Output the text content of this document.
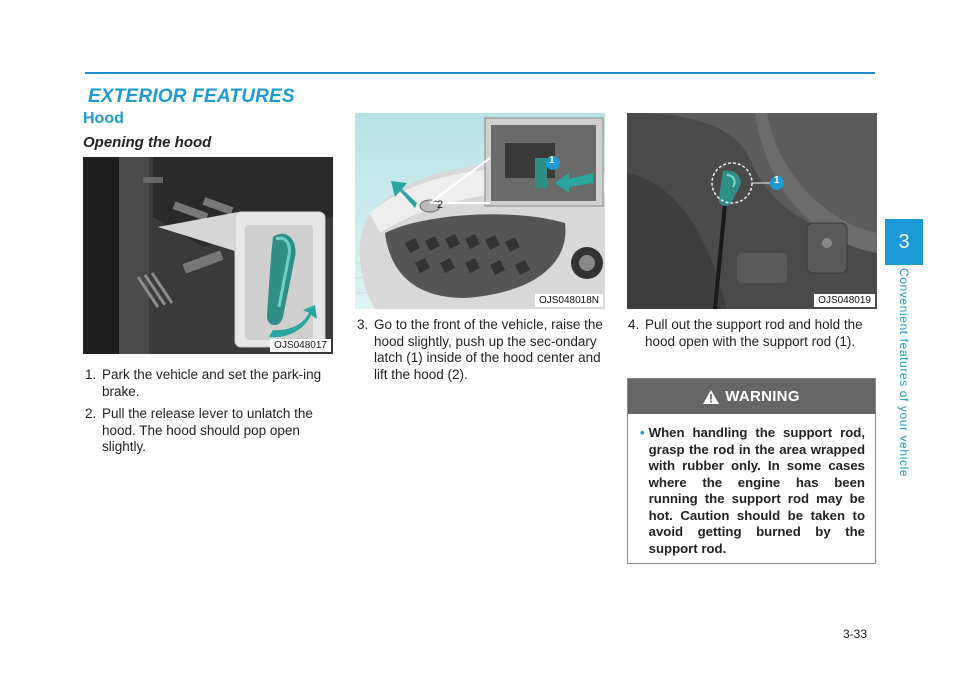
EXTERIOR FEATURES
Hood
Opening the hood
OJS048017
1
2
OJS048018N
1
OJS048019
1. Park the vehicle and set the park-ing brake.
2. Pull the release lever to unlatch the hood. The hood should pop open slightly.
3. Go to the front of the vehicle, raise the hood slightly, push up the sec-ondary latch (1) inside of the hood center and lift the hood (2).
4. Pull out the support rod and hold the hood open with the support rod (1).
WARNING
• When handling the support rod, grasp the rod in the area wrapped with rubber only. In some cases where the engine has been running the support rod may be hot. Caution should be taken to avoid getting burned by the support rod.
3
Convenient features of your vehicle
3-33
